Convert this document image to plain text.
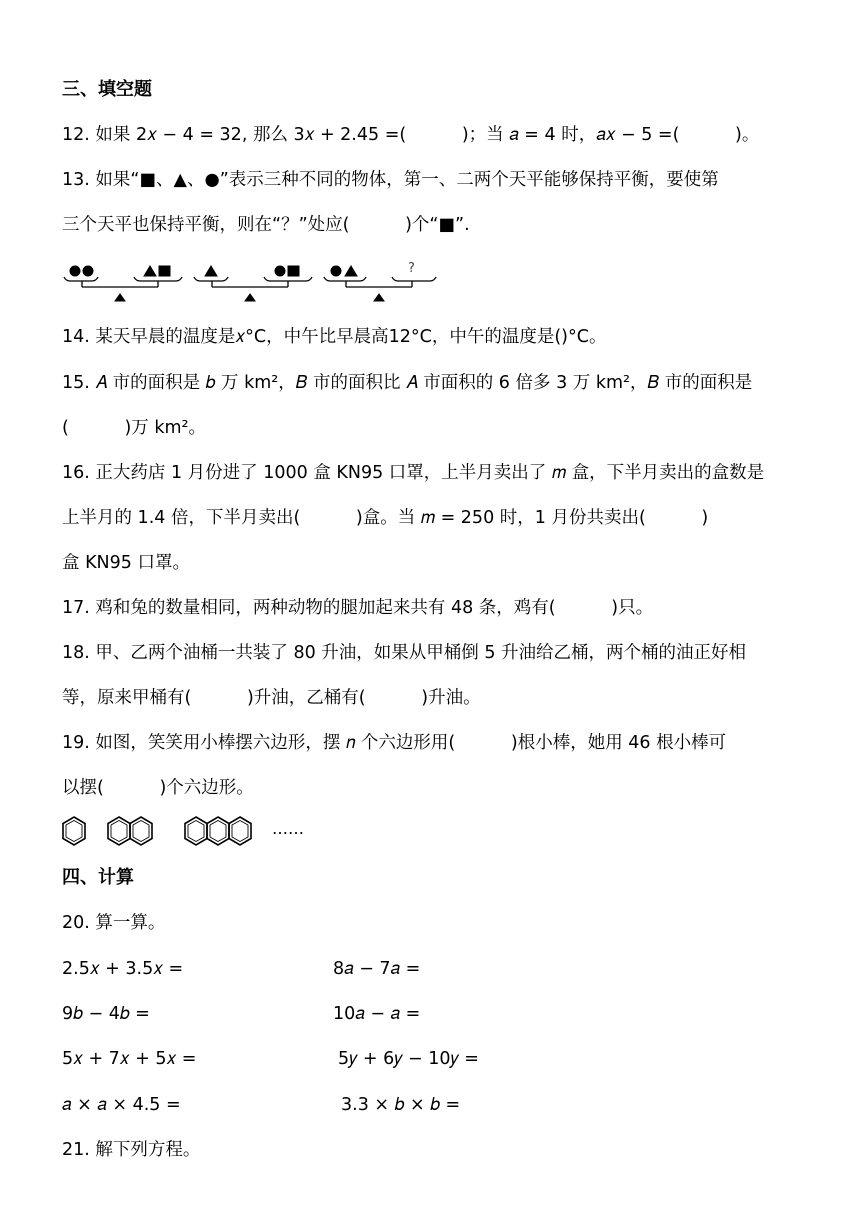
三、填空题
12. 如果 2𝑥 − 4 = 32, 那么 3𝑥 + 2.45 =(          )；当 𝑎 = 4 时，𝑎𝑥 − 5 =(          )。
13. 如果“■、▲、●”表示三种不同的物体，第一、二两个天平能够保持平衡，要使第
三个天平也保持平衡，则在“？”处应(          )个“■”.
?
14. 某天早晨的温度是𝑥°C，中午比早晨高12°C，中午的温度是()°C。
15. 𝐴 市的面积是 𝑏 万 km²，𝐵 市的面积比 𝐴 市面积的 6 倍多 3 万 km²，𝐵 市的面积是
(          )万 km²。
16. 正大药店 1 月份进了 1000 盒 KN95 口罩，上半月卖出了 𝑚 盒，下半月卖出的盒数是
上半月的 1.4 倍，下半月卖出(          )盒。当 𝑚 = 250 时，1 月份共卖出(          )
盒 KN95 口罩。
17. 鸡和兔的数量相同，两种动物的腿加起来共有 48 条，鸡有(          )只。
18. 甲、乙两个油桶一共装了 80 升油，如果从甲桶倒 5 升油给乙桶，两个桶的油正好相
等，原来甲桶有(          )升油，乙桶有(          )升油。
19. 如图，笑笑用小棒摆六边形，摆 𝑛 个六边形用(          )根小棒，她用 46 根小棒可
以摆(          )个六边形。
……
四、计算
20. 算一算。
2.5𝑥 + 3.5𝑥 =	8𝑎 − 7𝑎 =
9𝑏 − 4𝑏 =	10𝑎 − 𝑎 =
5𝑥 + 7𝑥 + 5𝑥 =	5𝑦 + 6𝑦 − 10𝑦 =
𝑎 × 𝑎 × 4.5 =	3.3 × 𝑏 × 𝑏 =
21. 解下列方程。
